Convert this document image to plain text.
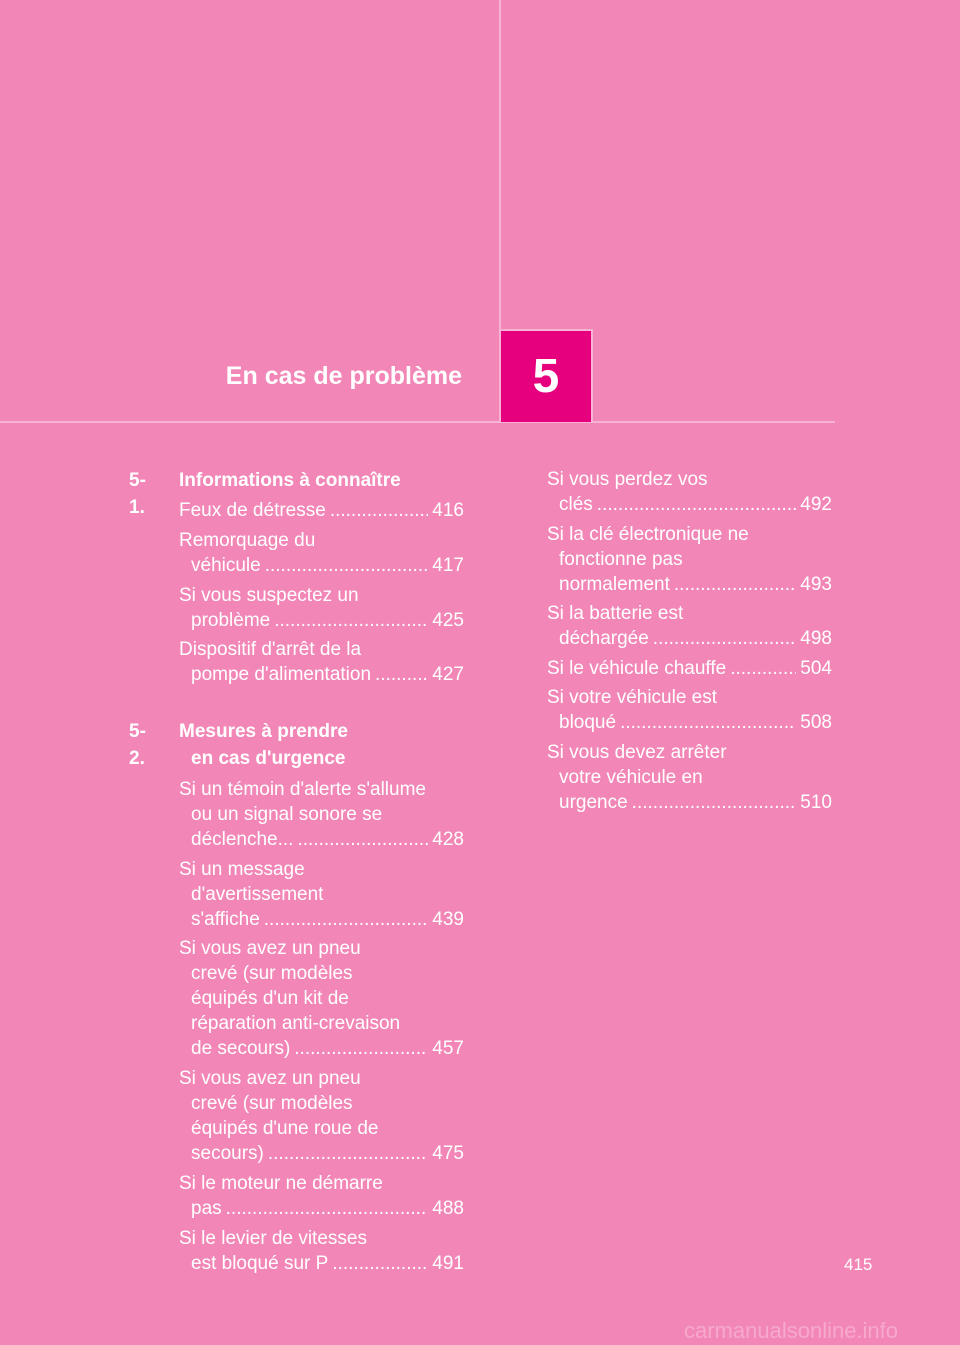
En cas de problème 5
5-1.
Informations à connaître
Feux de détresse .....	416
Remorquage du
véhicule .....	417
Si vous suspectez un
problème .....	425
Dispositif d'arrêt de la
pompe d'alimentation .....	427
5-2.
Mesures à prendre
en cas d'urgence
Si un témoin d'alerte s'allume
ou un signal sonore se
déclenche... .....	428
Si un message
d'avertissement
s'affiche .....	439
Si vous avez un pneu
crevé (sur modèles
équipés d'un kit de
réparation anti-crevaison
de secours) .....	457
Si vous avez un pneu
crevé (sur modèles
équipés d'une roue de
secours) .....	475
Si le moteur ne démarre
pas .....	488
Si le levier de vitesses
est bloqué sur P .....	491
Si vous perdez vos
clés .....	492
Si la clé électronique ne
fonctionne pas
normalement .....	493
Si la batterie est
déchargée .....	498
Si le véhicule chauffe .....	504
Si votre véhicule est
bloqué .....	508
Si vous devez arrêter
votre véhicule en
urgence .....	510
415
carmanualsonline.info
